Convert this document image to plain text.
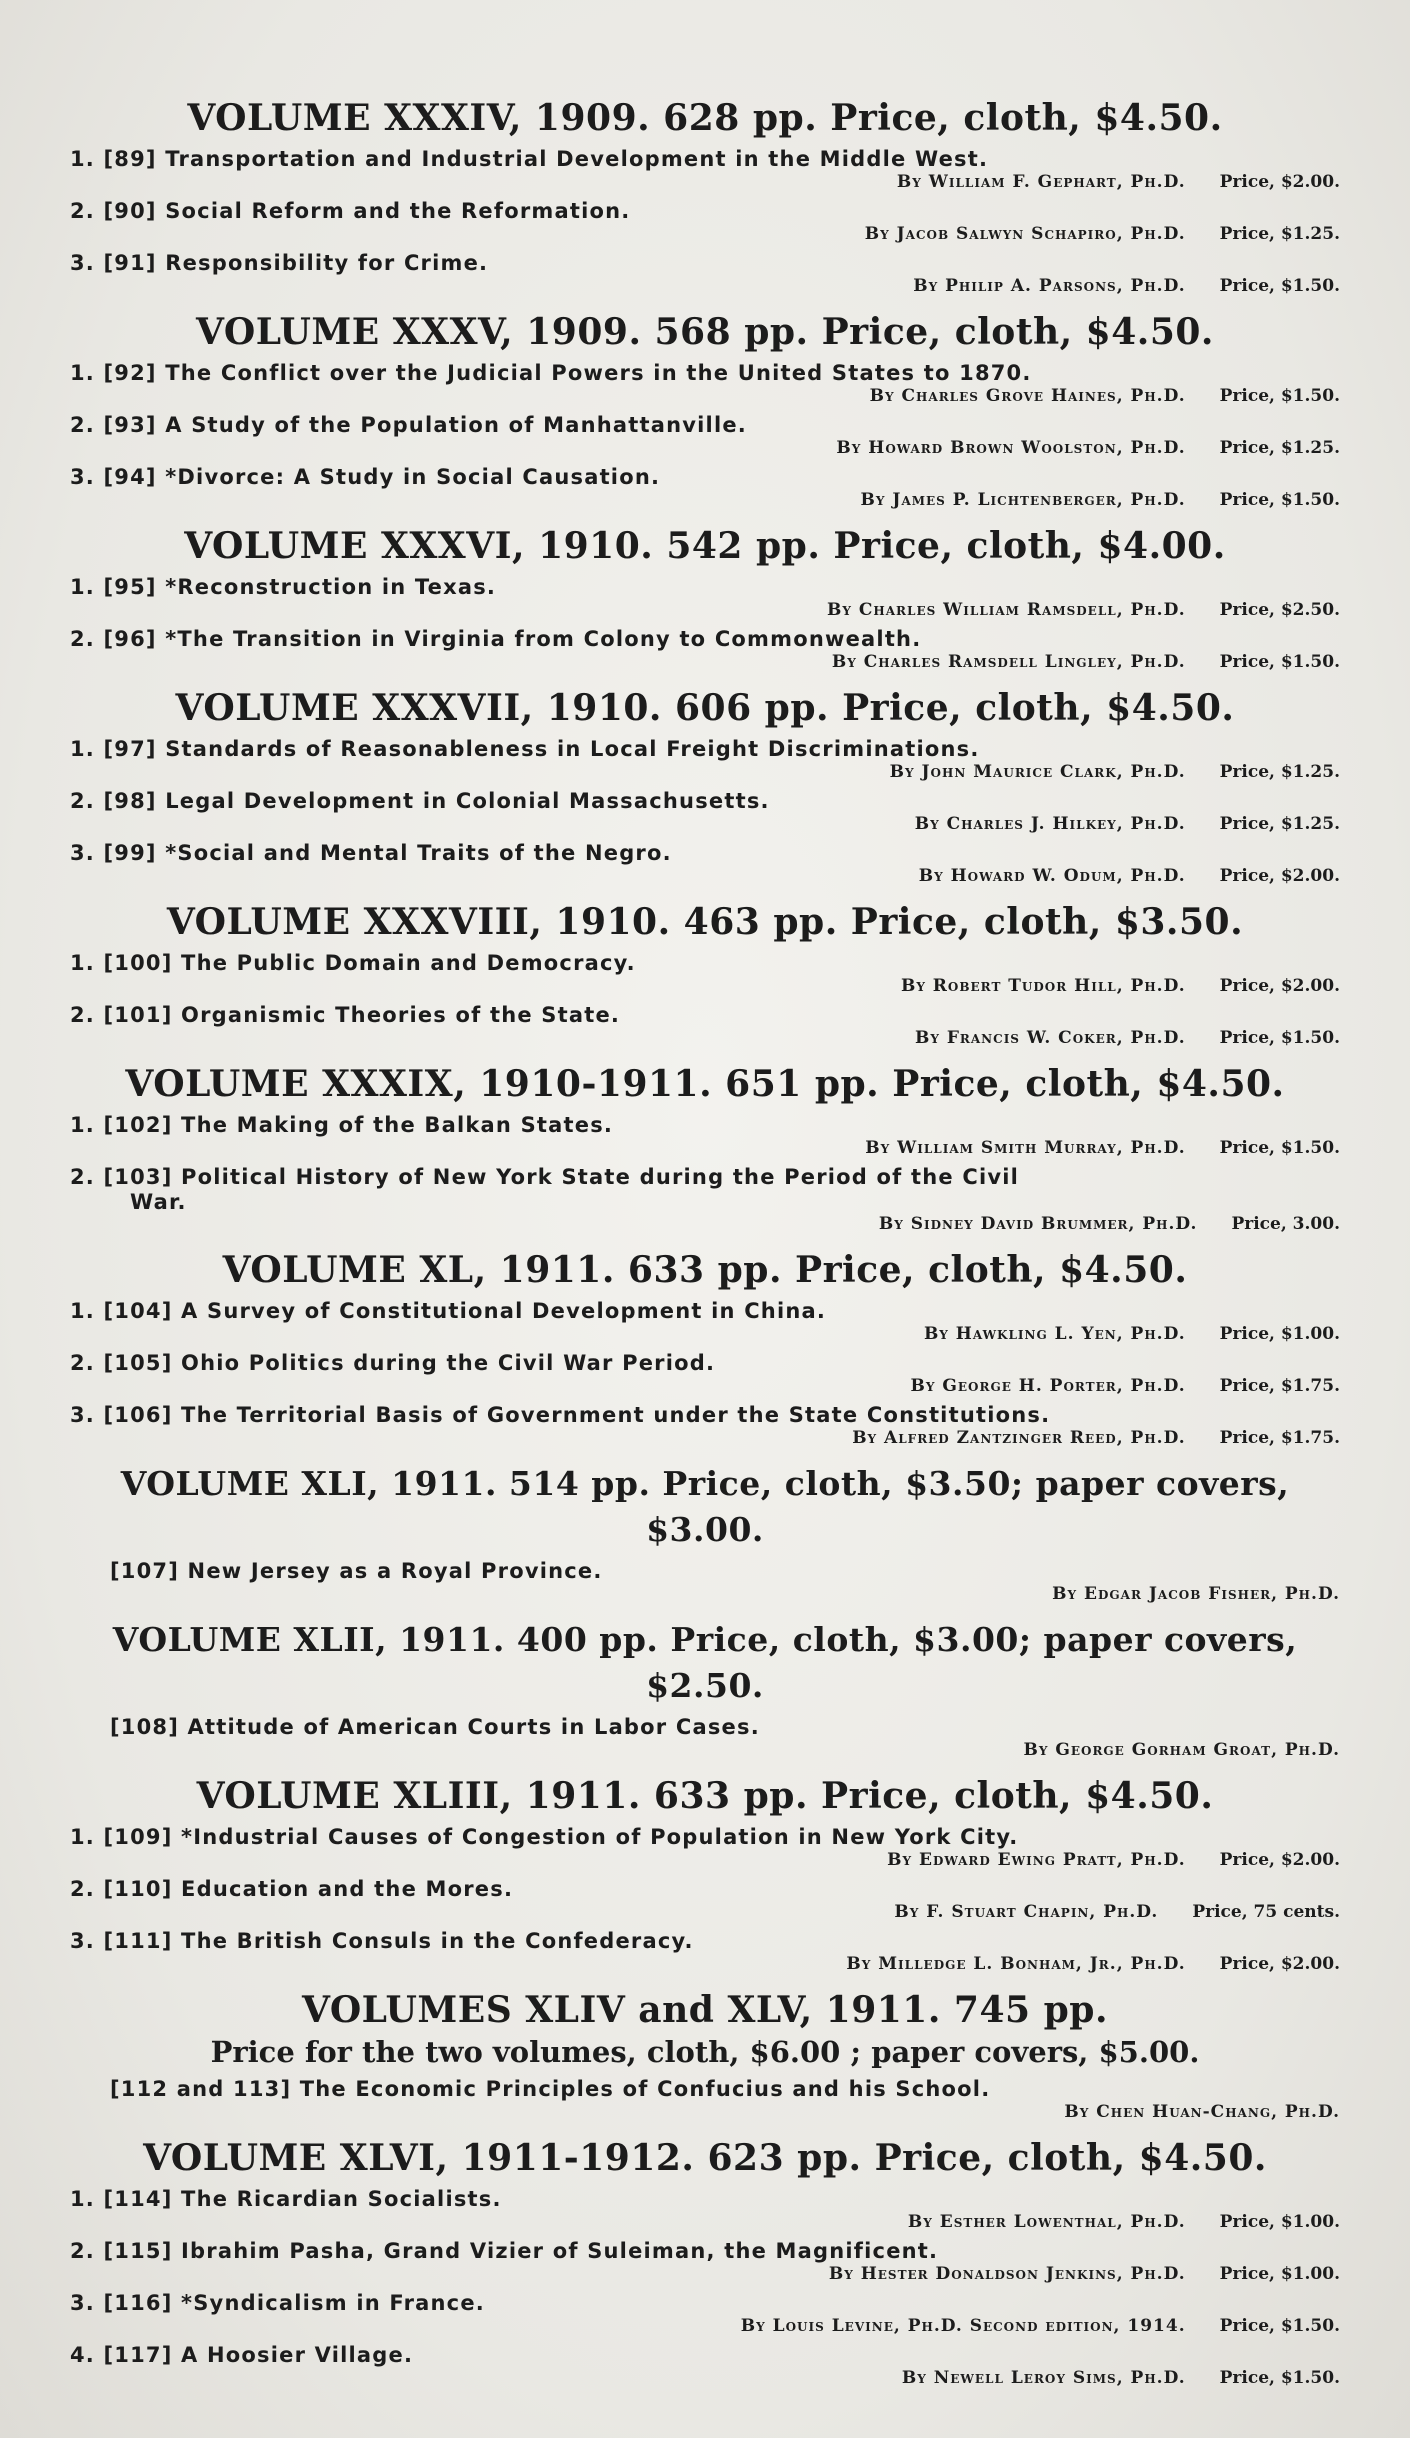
VOLUME XXXIV, 1909. 628 pp. Price, cloth, $4.50.
1. [89] Transportation and Industrial Development in the Middle West.
By William F. Gephart, Ph.D. Price, $2.00.
2. [90] Social Reform and the Reformation.
By Jacob Salwyn Schapiro, Ph.D. Price, $1.25.
3. [91] Responsibility for Crime.
By Philip A. Parsons, Ph.D. Price, $1.50.
VOLUME XXXV, 1909. 568 pp. Price, cloth, $4.50.
1. [92] The Conflict over the Judicial Powers in the United States to 1870.
By Charles Grove Haines, Ph.D. Price, $1.50.
2. [93] A Study of the Population of Manhattanville.
By Howard Brown Woolston, Ph.D. Price, $1.25.
3. [94] *Divorce: A Study in Social Causation.
By James P. Lichtenberger, Ph.D. Price, $1.50.
VOLUME XXXVI, 1910. 542 pp. Price, cloth, $4.00.
1. [95] *Reconstruction in Texas.
By Charles William Ramsdell, Ph.D. Price, $2.50.
2. [96] *The Transition in Virginia from Colony to Commonwealth.
By Charles Ramsdell Lingley, Ph.D. Price, $1.50.
VOLUME XXXVII, 1910. 606 pp. Price, cloth, $4.50.
1. [97] Standards of Reasonableness in Local Freight Discriminations.
By John Maurice Clark, Ph.D. Price, $1.25.
2. [98] Legal Development in Colonial Massachusetts.
By Charles J. Hilkey, Ph.D. Price, $1.25.
3. [99] *Social and Mental Traits of the Negro.
By Howard W. Odum, Ph.D. Price, $2.00.
VOLUME XXXVIII, 1910. 463 pp. Price, cloth, $3.50.
1. [100] The Public Domain and Democracy.
By Robert Tudor Hill, Ph.D. Price, $2.00.
2. [101] Organismic Theories of the State.
By Francis W. Coker, Ph.D. Price, $1.50.
VOLUME XXXIX, 1910-1911. 651 pp. Price, cloth, $4.50.
1. [102] The Making of the Balkan States.
By William Smith Murray, Ph.D. Price, $1.50.
2. [103] Political History of New York State during the Period of the Civil
War.
By Sidney David Brummer, Ph.D. Price, 3.00.
VOLUME XL, 1911. 633 pp. Price, cloth, $4.50.
1. [104] A Survey of Constitutional Development in China.
By Hawkling L. Yen, Ph.D. Price, $1.00.
2. [105] Ohio Politics during the Civil War Period.
By George H. Porter, Ph.D. Price, $1.75.
3. [106] The Territorial Basis of Government under the State Constitutions.
By Alfred Zantzinger Reed, Ph.D. Price, $1.75.
VOLUME XLI, 1911. 514 pp. Price, cloth, $3.50; paper covers, $3.00.
[107] New Jersey as a Royal Province.
By Edgar Jacob Fisher, Ph.D.
VOLUME XLII, 1911. 400 pp. Price, cloth, $3.00; paper covers, $2.50.
[108] Attitude of American Courts in Labor Cases.
By George Gorham Groat, Ph.D.
VOLUME XLIII, 1911. 633 pp. Price, cloth, $4.50.
1. [109] *Industrial Causes of Congestion of Population in New York City.
By Edward Ewing Pratt, Ph.D. Price, $2.00.
2. [110] Education and the Mores.
By F. Stuart Chapin, Ph.D. Price, 75 cents.
3. [111] The British Consuls in the Confederacy.
By Milledge L. Bonham, Jr., Ph.D. Price, $2.00.
VOLUMES XLIV and XLV, 1911. 745 pp.
Price for the two volumes, cloth, $6.00 ; paper covers, $5.00.
[112 and 113] The Economic Principles of Confucius and his School.
By Chen Huan-Chang, Ph.D.
VOLUME XLVI, 1911-1912. 623 pp. Price, cloth, $4.50.
1. [114] The Ricardian Socialists.
By Esther Lowenthal, Ph.D. Price, $1.00.
2. [115] Ibrahim Pasha, Grand Vizier of Suleiman, the Magnificent.
By Hester Donaldson Jenkins, Ph.D. Price, $1.00.
3. [116] *Syndicalism in France.
By Louis Levine, Ph.D. Second edition, 1914. Price, $1.50.
4. [117] A Hoosier Village.
By Newell Leroy Sims, Ph.D. Price, $1.50.
